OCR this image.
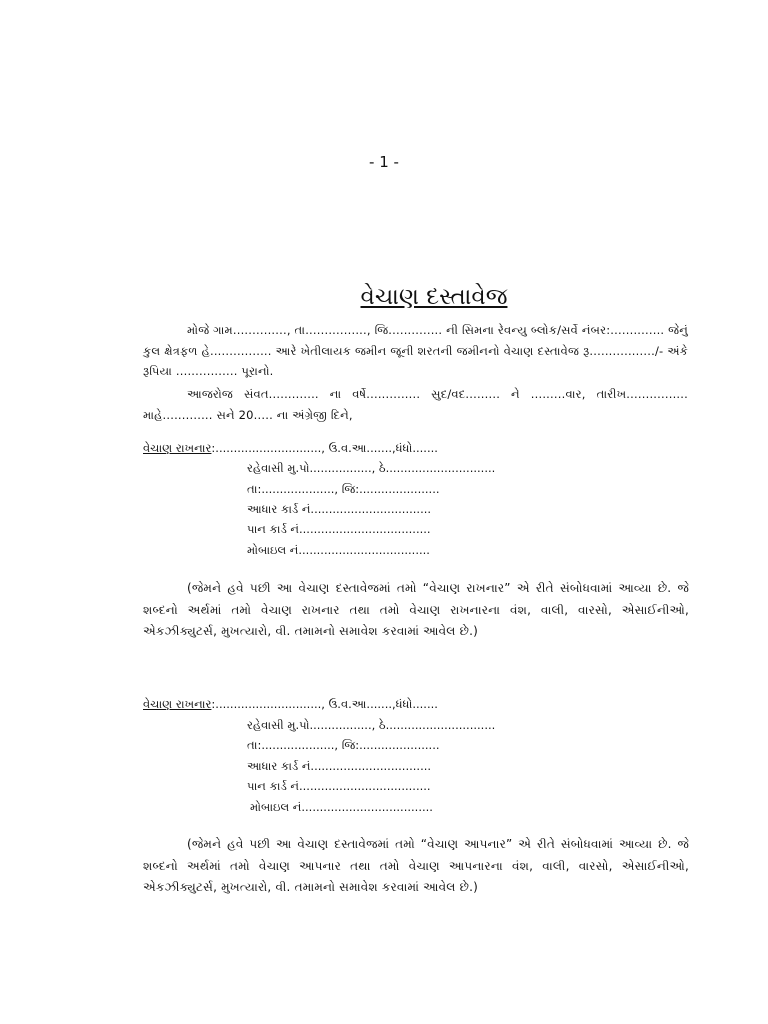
- 1 -
વેચાણ દસ્તાવેજ
મોજે ગામ.............., તા................, જિ.............. ની સિમના રેવન્યુ બ્લોક/સર્વે નંબર:.............. જેનું કુલ ક્ષેત્રફળ હે................ આરે ખેતીલાયક જમીન જૂની શરતની જમીનનો વેચાણ દસ્તાવેજ રૂ................./- અંકે રૂપિયા ................ પૂરાનો.
આજરોજ સંવત............. ના વર્ષે.............. સુદ/વદ......... ને .........વાર, તારીખ................ માહે............. સને 20..... ના અંગ્રેજી દિને,
વેચાણ રાખનાર:............................., ઉ.વ.આ.......,ધંધો.......
રહેવાસી મુ.પો................., ઠે..............................
તા:...................., જિ:......................
આધાર કાર્ડ નં.................................
પાન કાર્ડ નં....................................
મોબાઇલ નં....................................
(જેમને હવે પછી આ વેચાણ દસ્તાવેજમાં તમો “વેચાણ રાખનાર” એ રીતે સંબોધવામાં આવ્યા છે. જે શબ્દનો અર્થમાં તમો વેચાણ રાખનાર તથા તમો વેચાણ રાખનારના વંશ, વાલી, વારસો, એસાઈનીઓ, એકઝીક્યુટર્સ, મુખત્યારો, વી. તમામનો સમાવેશ કરવામાં આવેલ છે.)
વેચાણ રાખનાર:............................., ઉ.વ.આ.......,ધંધો.......
રહેવાસી મુ.પો................., ઠે..............................
તા:...................., જિ:......................
આધાર કાર્ડ નં.................................
પાન કાર્ડ નં....................................
મોબાઇલ નં....................................
(જેમને હવે પછી આ વેચાણ દસ્તાવેજમાં તમો “વેચાણ આપનાર” એ રીતે સંબોધવામાં આવ્યા છે. જે શબ્દનો અર્થમાં તમો વેચાણ આપનાર તથા તમો વેચાણ આપનારના વંશ, વાલી, વારસો, એસાઈનીઓ, એકઝીક્યુટર્સ, મુખત્યારો, વી. તમામનો સમાવેશ કરવામાં આવેલ છે.)
